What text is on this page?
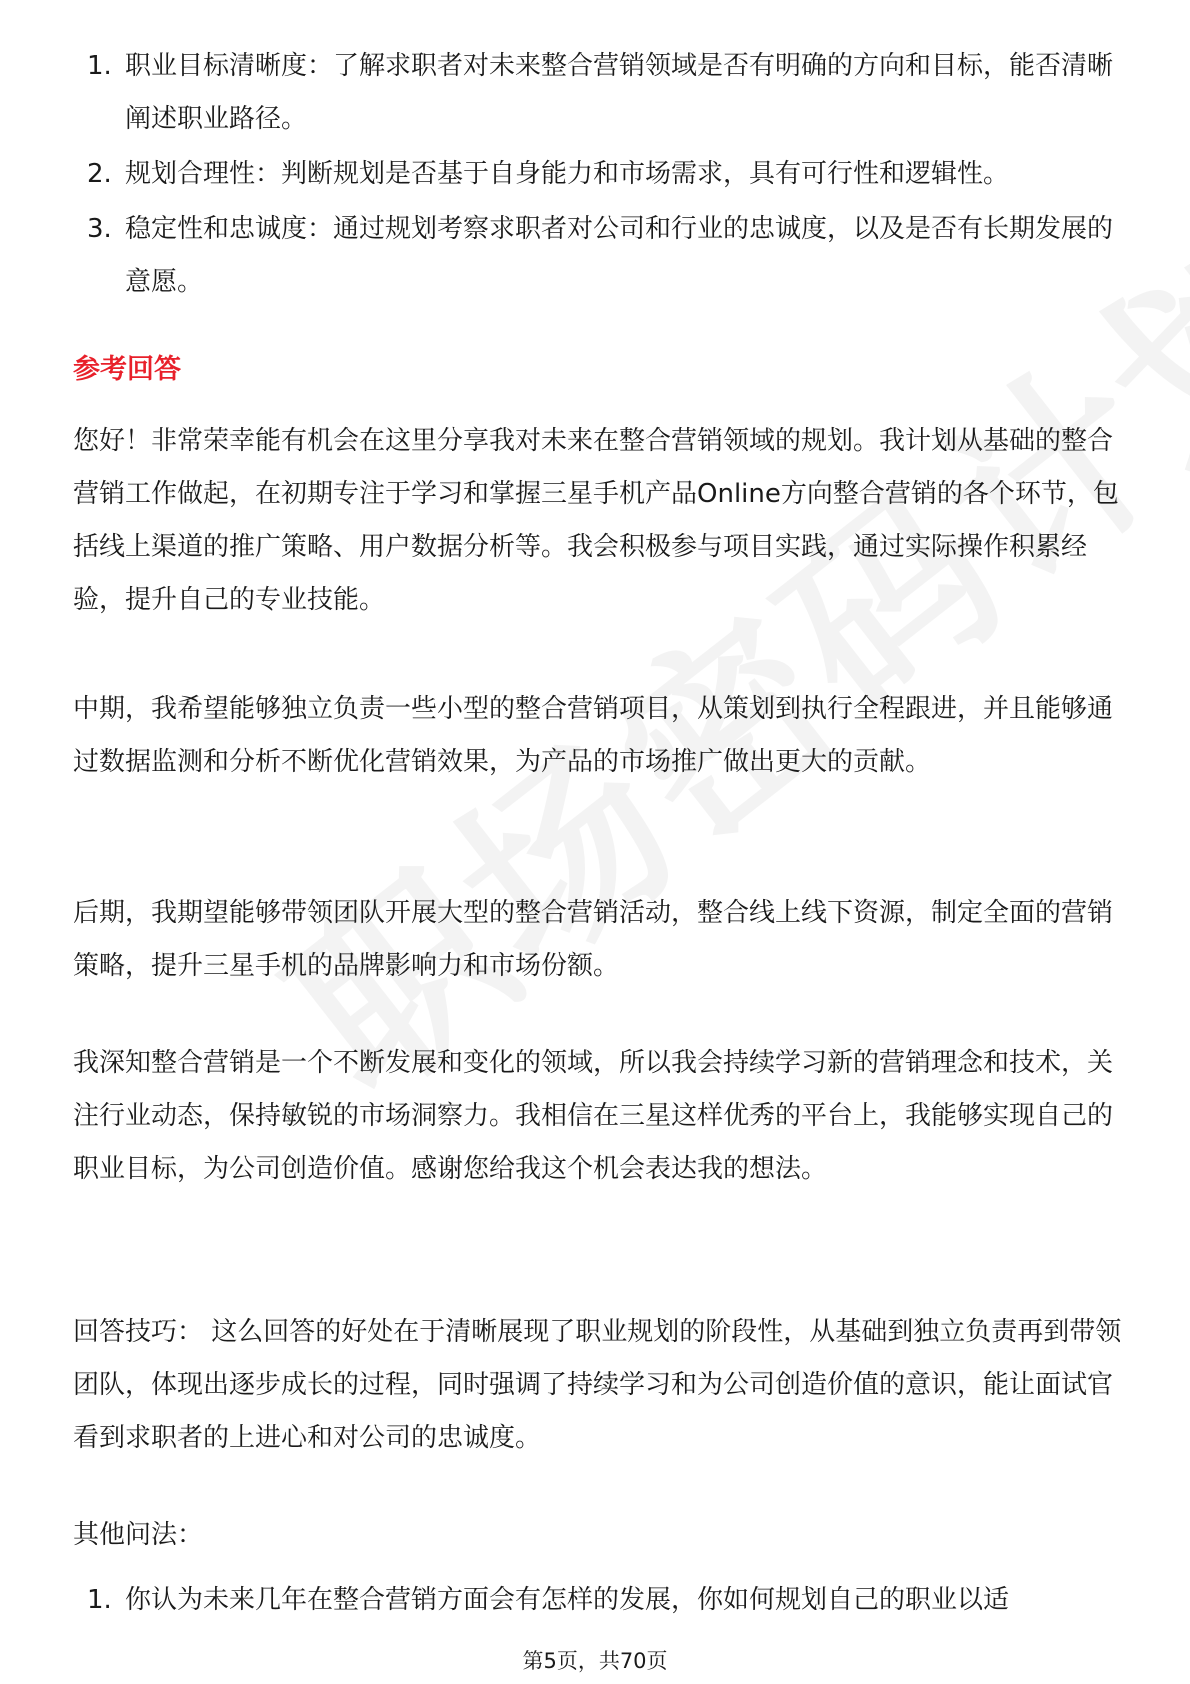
1. 职业目标清晰度：了解求职者对未来整合营销领域是否有明确的方向和目标，能否清晰阐述职业路径。
2. 规划合理性：判断规划是否基于自身能力和市场需求，具有可行性和逻辑性。
3. 稳定性和忠诚度：通过规划考察求职者对公司和行业的忠诚度，以及是否有长期发展的意愿。
参考回答

您好！非常荣幸能有机会在这里分享我对未来在整合营销领域的规划。我计划从基础的整合营销工作做起，在初期专注于学习和掌握三星手机产品Online方向整合营销的各个环节，包括线上渠道的推广策略、用户数据分析等。我会积极参与项目实践，通过实际操作积累经验，提升自己的专业技能。

中期，我希望能够独立负责一些小型的整合营销项目，从策划到执行全程跟进，并且能够通过数据监测和分析不断优化营销效果，为产品的市场推广做出更大的贡献。

后期，我期望能够带领团队开展大型的整合营销活动，整合线上线下资源，制定全面的营销策略，提升三星手机的品牌影响力和市场份额。

我深知整合营销是一个不断发展和变化的领域，所以我会持续学习新的营销理念和技术，关注行业动态，保持敏锐的市场洞察力。我相信在三星这样优秀的平台上，我能够实现自己的职业目标，为公司创造价值。感谢您给我这个机会表达我的想法。

回答技巧： 这么回答的好处在于清晰展现了职业规划的阶段性，从基础到独立负责再到带领团队，体现出逐步成长的过程，同时强调了持续学习和为公司创造价值的意识，能让面试官看到求职者的上进心和对公司的忠诚度。

其他问法：

1. 你认为未来几年在整合营销方面会有怎样的发展，你如何规划自己的职业以适
第5页，共70页
